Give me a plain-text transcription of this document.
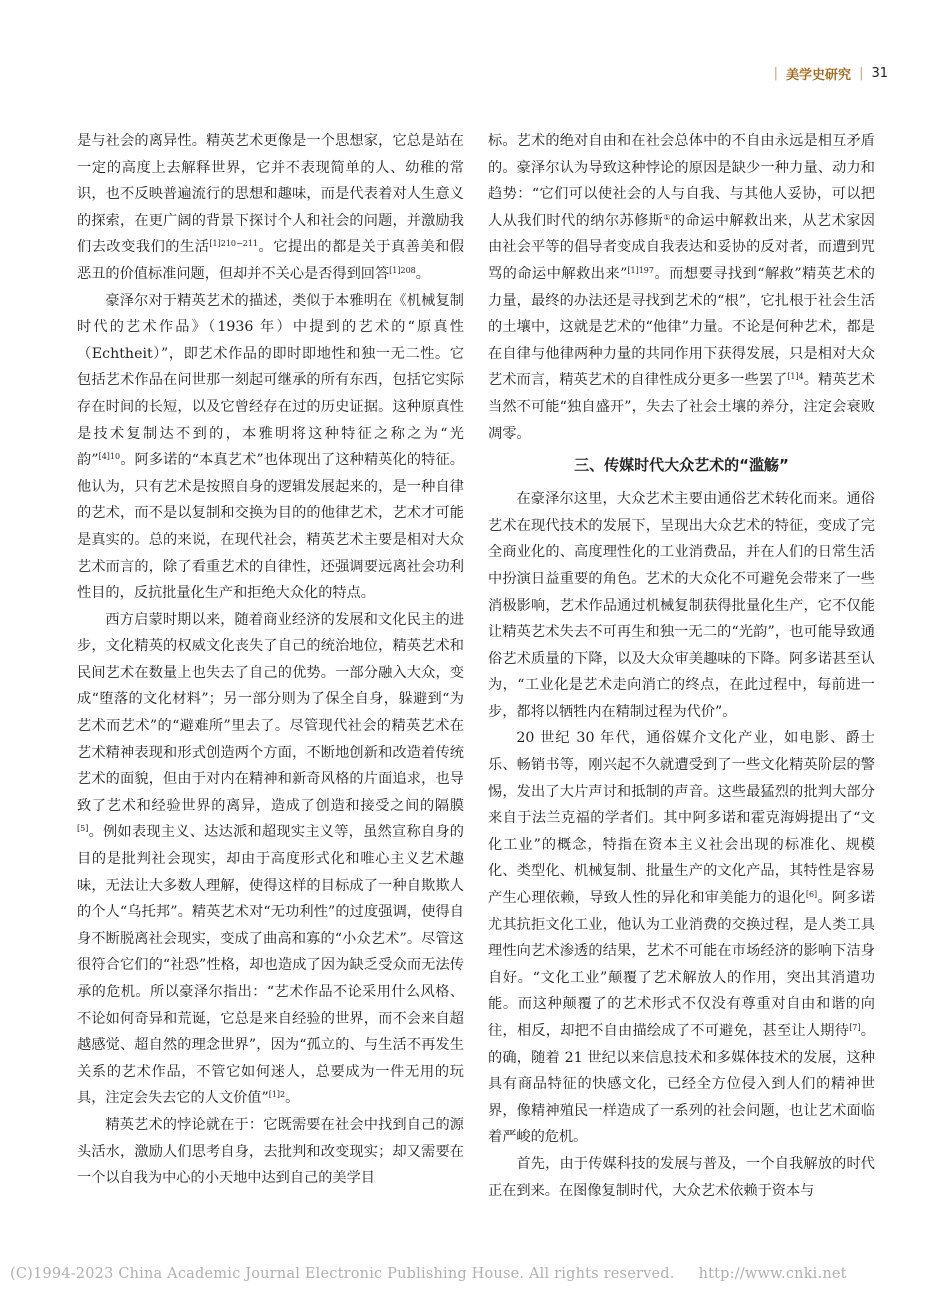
| 美学史研究 | 31

是与社会的离异性。精英艺术更像是一个思想家，它总是站在一定的高度上去解释世界，它并不表现简单的人、幼稚的常识，也不反映普遍流行的思想和趣味，而是代表着对人生意义的探索，在更广阔的背景下探讨个人和社会的问题，并激励我们去改变我们的生活$^{[1]210-211}$。它提出的都是关于真善美和假恶丑的价值标准问题，但却并不关心是否得到回答$^{[1]208}$。

豪泽尔对于精英艺术的描述，类似于本雅明在《机械复制时代的艺术作品》（1936 年）中提到的艺术的“原真性（Echtheit）”，即艺术作品的即时即地性和独一无二性。它包括艺术作品在问世那一刻起可继承的所有东西，包括它实际存在时间的长短，以及它曾经存在过的历史证据。这种原真性是技术复制达不到的，本雅明将这种特征之称之为“光韵”$^{[4]10}$。阿多诺的“本真艺术”也体现出了这种精英化的特征。他认为，只有艺术是按照自身的逻辑发展起来的，是一种自律的艺术，而不是以复制和交换为目的的他律艺术，艺术才可能是真实的。总的来说，在现代社会，精英艺术主要是相对大众艺术而言的，除了看重艺术的自律性，还强调要远离社会功利性目的，反抗批量化生产和拒绝大众化的特点。

西方启蒙时期以来，随着商业经济的发展和文化民主的进步，文化精英的权威文化丧失了自己的统治地位，精英艺术和民间艺术在数量上也失去了自己的优势。一部分融入大众，变成“堕落的文化材料”；另一部分则为了保全自身，躲避到“为艺术而艺术”的“避难所”里去了。尽管现代社会的精英艺术在艺术精神表现和形式创造两个方面，不断地创新和改造着传统艺术的面貌，但由于对内在精神和新奇风格的片面追求，也导致了艺术和经验世界的离异，造成了创造和接受之间的隔膜[5]。例如表现主义、达达派和超现实主义等，虽然宣称自身的目的是批判社会现实，却由于高度形式化和唯心主义艺术趣味，无法让大多数人理解，使得这样的目标成了一种自欺欺人的个人“乌托邦”。精英艺术对“无功利性”的过度强调，使得自身不断脱离社会现实，变成了曲高和寡的“小众艺术”。尽管这很符合它们的“社恐”性格，却也造成了因为缺乏受众而无法传承的危机。所以豪泽尔指出：“艺术作品不论采用什么风格、不论如何奇异和荒诞，它总是来自经验的世界，而不会来自超越感觉、超自然的理念世界”，因为“孤立的、与生活不再发生关系的艺术作品，不管它如何迷人，总要成为一件无用的玩具，注定会失去它的人文价值”$^{[1]2}$。

精英艺术的悖论就在于：它既需要在社会中找到自己的源头活水，激励人们思考自身，去批判和改变现实；却又需要在一个以自我为中心的小天地中达到自己的美学目

标。艺术的绝对自由和在社会总体中的不自由永远是相互矛盾的。豪泽尔认为导致这种悖论的原因是缺少一种力量、动力和趋势：“它们可以使社会的人与自我、与其他人妥协，可以把人从我们时代的纳尔苏修斯①的命运中解救出来，从艺术家因由社会平等的倡导者变成自我表达和妥协的反对者，而遭到咒骂的命运中解救出来”$^{[1]197}$。而想要寻找到“解救”精英艺术的力量，最终的办法还是寻找到艺术的“根”，它扎根于社会生活的土壤中，这就是艺术的“他律”力量。不论是何种艺术，都是在自律与他律两种力量的共同作用下获得发展，只是相对大众艺术而言，精英艺术的自律性成分更多一些罢了$^{[1]4}$。精英艺术当然不可能“独自盛开”，失去了社会土壤的养分，注定会衰败凋零。

三、传媒时代大众艺术的“滥觞”

在豪泽尔这里，大众艺术主要由通俗艺术转化而来。通俗艺术在现代技术的发展下，呈现出大众艺术的特征，变成了完全商业化的、高度理性化的工业消费品，并在人们的日常生活中扮演日益重要的角色。艺术的大众化不可避免会带来了一些消极影响，艺术作品通过机械复制获得批量化生产，它不仅能让精英艺术失去不可再生和独一无二的“光韵”，也可能导致通俗艺术质量的下降，以及大众审美趣味的下降。阿多诺甚至认为，“工业化是艺术走向消亡的终点，在此过程中，每前进一步，都将以牺牲内在精制过程为代价”。

20 世纪 30 年代，通俗媒介文化产业，如电影、爵士乐、畅销书等，刚兴起不久就遭受到了一些文化精英阶层的警惕，发出了大片声讨和抵制的声音。这些最猛烈的批判大部分来自于法兰克福的学者们。其中阿多诺和霍克海姆提出了“文化工业”的概念，特指在资本主义社会出现的标准化、规模化、类型化、机械复制、批量生产的文化产品，其特性是容易产生心理依赖，导致人性的异化和审美能力的退化[6]。阿多诺尤其抗拒文化工业，他认为工业消费的交换过程，是人类工具理性向艺术渗透的结果，艺术不可能在市场经济的影响下洁身自好。“文化工业”颠覆了艺术解放人的作用，突出其消遣功能。而这种颠覆了的艺术形式不仅没有尊重对自由和谐的向往，相反，却把不自由描绘成了不可避免，甚至让人期待[7]。的确，随着 21 世纪以来信息技术和多媒体技术的发展，这种具有商品特征的快感文化，已经全方位侵入到人们的精神世界，像精神殖民一样造成了一系列的社会问题，也让艺术面临着严峻的危机。

首先，由于传媒科技的发展与普及，一个自我解放的时代正在到来。在图像复制时代，大众艺术依赖于资本与

(C)1994-2023 China Academic Journal Electronic Publishing House. All rights reserved. http://www.cnki.net
